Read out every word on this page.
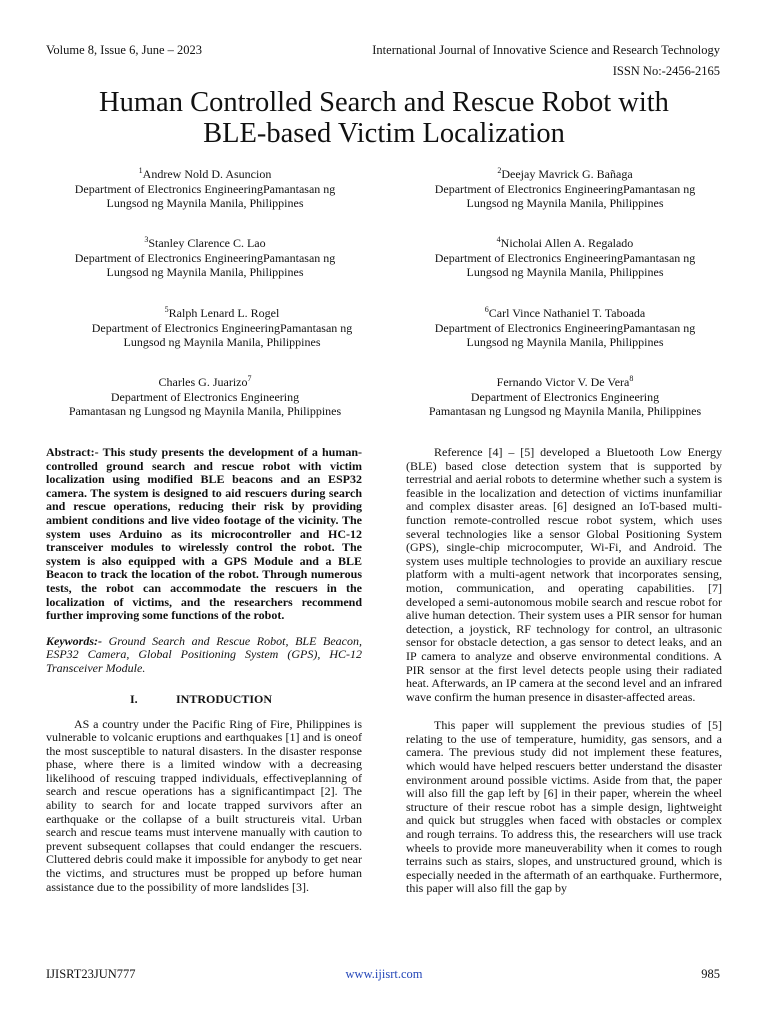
Volume 8, Issue 6, June – 2023	International Journal of Innovative Science and Research Technology
ISSN No:-2456-2165
Human Controlled Search and Rescue Robot with
BLE-based Victim Localization
$^1$Andrew Nold D. Asuncion
Department of Electronics EngineeringPamantasan ng
Lungsod ng Maynila Manila, Philippines
$^2$Deejay Mavrick G. Bañaga
Department of Electronics EngineeringPamantasan ng
Lungsod ng Maynila Manila, Philippines
$^3$Stanley Clarence C. Lao
Department of Electronics EngineeringPamantasan ng
Lungsod ng Maynila Manila, Philippines
$^4$Nicholai Allen A. Regalado
Department of Electronics EngineeringPamantasan ng
Lungsod ng Maynila Manila, Philippines
$^5$Ralph Lenard L. Rogel
Department of Electronics EngineeringPamantasan ng
Lungsod ng Maynila Manila, Philippines
$^6$Carl Vince Nathaniel T. Taboada
Department of Electronics EngineeringPamantasan ng
Lungsod ng Maynila Manila, Philippines
Charles G. Juarizo$^7$
Department of Electronics Engineering
Pamantasan ng Lungsod ng Maynila Manila, Philippines
Fernando Victor V. De Vera$^8$
Department of Electronics Engineering
Pamantasan ng Lungsod ng Maynila Manila, Philippines

Abstract:- This study presents the development of a human- controlled ground search and rescue robot with victim localization using modified BLE beacons and an ESP32 camera. The system is designed to aid rescuers during search and rescue operations, reducing their risk by providing ambient conditions and live video footage of the vicinity. The system uses Arduino as its microcontroller and HC-12 transceiver modules to wirelessly control the robot. The system is also equipped with a GPS Module and a BLE Beacon to track the location of the robot. Through numerous tests, the robot can accommodate the rescuers in the localization of victims, and the researchers recommend further improving some functions of the robot.

Keywords:- Ground Search and Rescue Robot, BLE Beacon, ESP32 Camera, Global Positioning System (GPS), HC-12 Transceiver Module.

I.	INTRODUCTION

AS a country under the Pacific Ring of Fire, Philippines is vulnerable to volcanic eruptions and earthquakes [1] and is oneof the most susceptible to natural disasters. In the disaster response phase, where there is a limited window with a decreasing likelihood of rescuing trapped individuals, effectiveplanning of search and rescue operations has a significantimpact [2]. The ability to search for and locate trapped survivors after an earthquake or the collapse of a built structureis vital. Urban search and rescue teams must intervene manually with caution to prevent subsequent collapses that could endanger the rescuers. Cluttered debris could make it impossible for anybody to get near the victims, and structures must be propped up before human assistance due to the possibility of more landslides [3].

Reference [4] – [5] developed a Bluetooth Low Energy (BLE) based close detection system that is supported by terrestrial and aerial robots to determine whether such a system is feasible in the localization and detection of victims inunfamiliar and complex disaster areas. [6] designed an IoT-based multi-function remote-controlled rescue robot system, which uses several technologies like a sensor Global Positioning System (GPS), single-chip microcomputer, Wi-Fi, and Android. The system uses multiple technologies to provide an auxiliary rescue platform with a multi-agent network that incorporates sensing, motion, communication, and operating capabilities. [7] developed a semi-autonomous mobile search and rescue robot for alive human detection. Their system uses a PIR sensor for human detection, a joystick, RF technology for control, an ultrasonic sensor for obstacle detection, a gas sensor to detect leaks, and an IP camera to analyze and observe environmental conditions. A PIR sensor at the first level detects people using their radiated heat. Afterwards, an IP camera at the second level and an infrared wave confirm the human presence in disaster-affected areas.

This paper will supplement the previous studies of [5] relating to the use of temperature, humidity, gas sensors, and a camera. The previous study did not implement these features, which would have helped rescuers better understand the disaster environment around possible victims. Aside from that, the paper will also fill the gap left by [6] in their paper, wherein the wheel structure of their rescue robot has a simple design, lightweight and quick but struggles when faced with obstacles or complex and rough terrains. To address this, the researchers will use track wheels to provide more maneuverability when it comes to rough terrains such as stairs, slopes, and unstructured ground, which is especially needed in the aftermath of an earthquake. Furthermore, this paper will also fill the gap by

IJISRT23JUN777	www.ijisrt.com	985
